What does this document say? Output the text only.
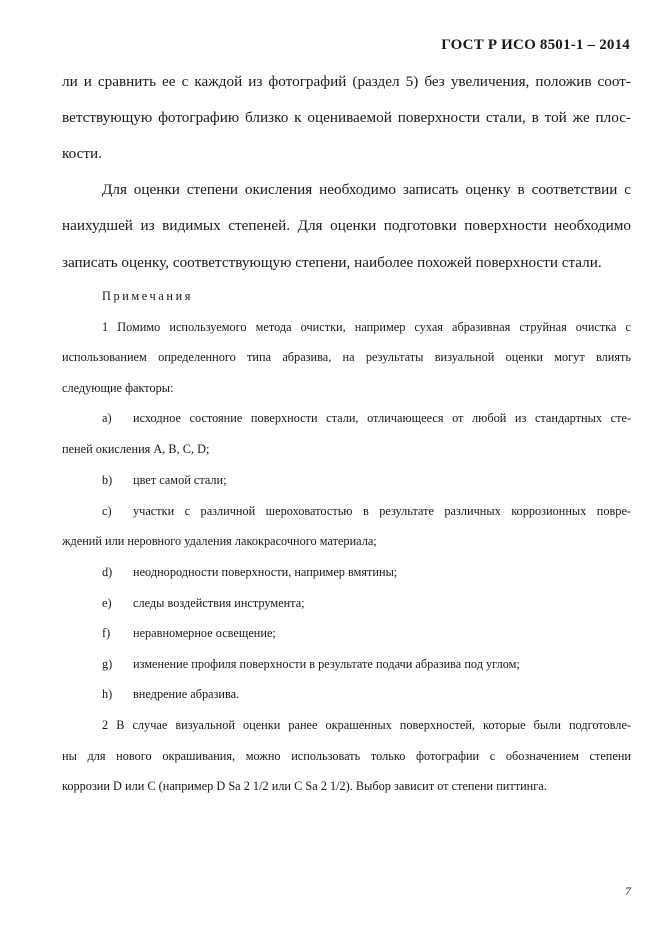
ГОСТ Р ИСО 8501-1 – 2014
ли и сравнить ее с каждой из фотографий (раздел 5) без увеличения, положив соот-
ветствующую фотографию близко к оцениваемой поверхности стали, в той же плос-
кости.
Для оценки степени окисления необходимо записать оценку в соответствии с
наихудшей из видимых степеней. Для оценки подготовки поверхности необходимо
записать оценку, соответствующую степени, наиболее похожей поверхности стали.
Примечания
1 Помимо используемого метода очистки, например сухая абразивная струйная очистка с
использованием определенного типа абразива, на результаты визуальной оценки могут влиять
следующие факторы:
a) исходное состояние поверхности стали, отличающееся от любой из стандартных сте-
пеней окисления A, B, C, D;
b) цвет самой стали;
c) участки с различной шероховатостью в результате различных коррозионных повре-
ждений или неровного удаления лакокрасочного материала;
d) неоднородности поверхности, например вмятины;
e) следы воздействия инструмента;
f) неравномерное освещение;
g) изменение профиля поверхности в результате подачи абразива под углом;
h) внедрение абразива.
2 В случае визуальной оценки ранее окрашенных поверхностей, которые были подготовле-
ны для нового окрашивания, можно использовать только фотографии с обозначением степени
коррозии D или C (например D Sa 2 1/2 или C Sa 2 1/2). Выбор зависит от степени питтинга.
7
